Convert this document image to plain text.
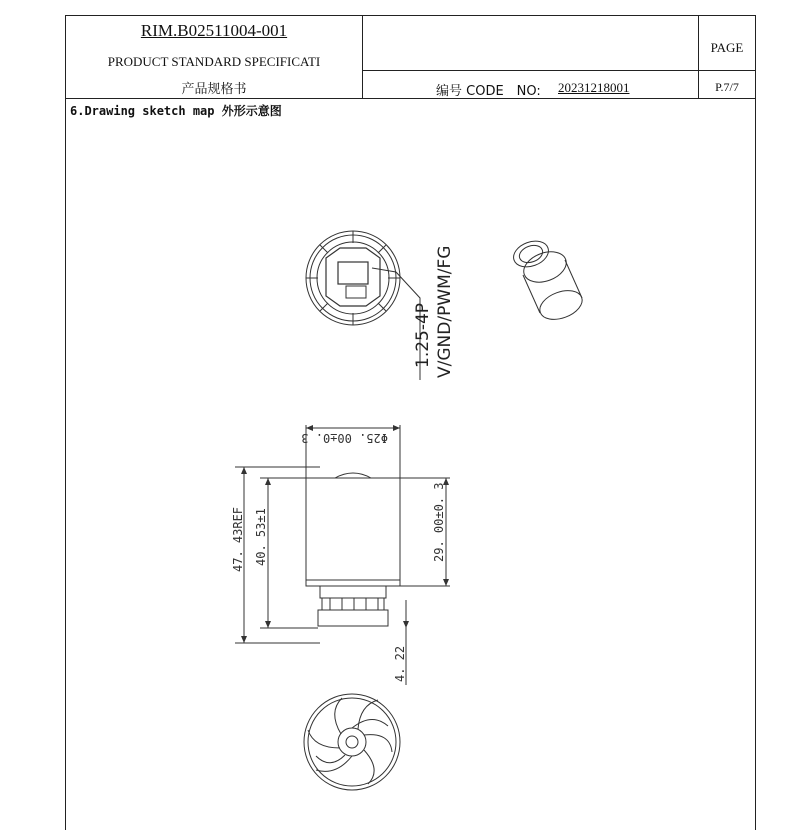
RIM.B02511004-001
PRODUCT STANDARD SPECIFICATI
产品规格书
PAGE
编号 CODE　NO: 20231218001	P.7/7
6.Drawing sketch map 外形示意图
1.25-4P V/GND/PWM/FG
Φ25. 00±0. 3
47. 43REF 40. 53±1	29. 00±0. 3
4. 22
